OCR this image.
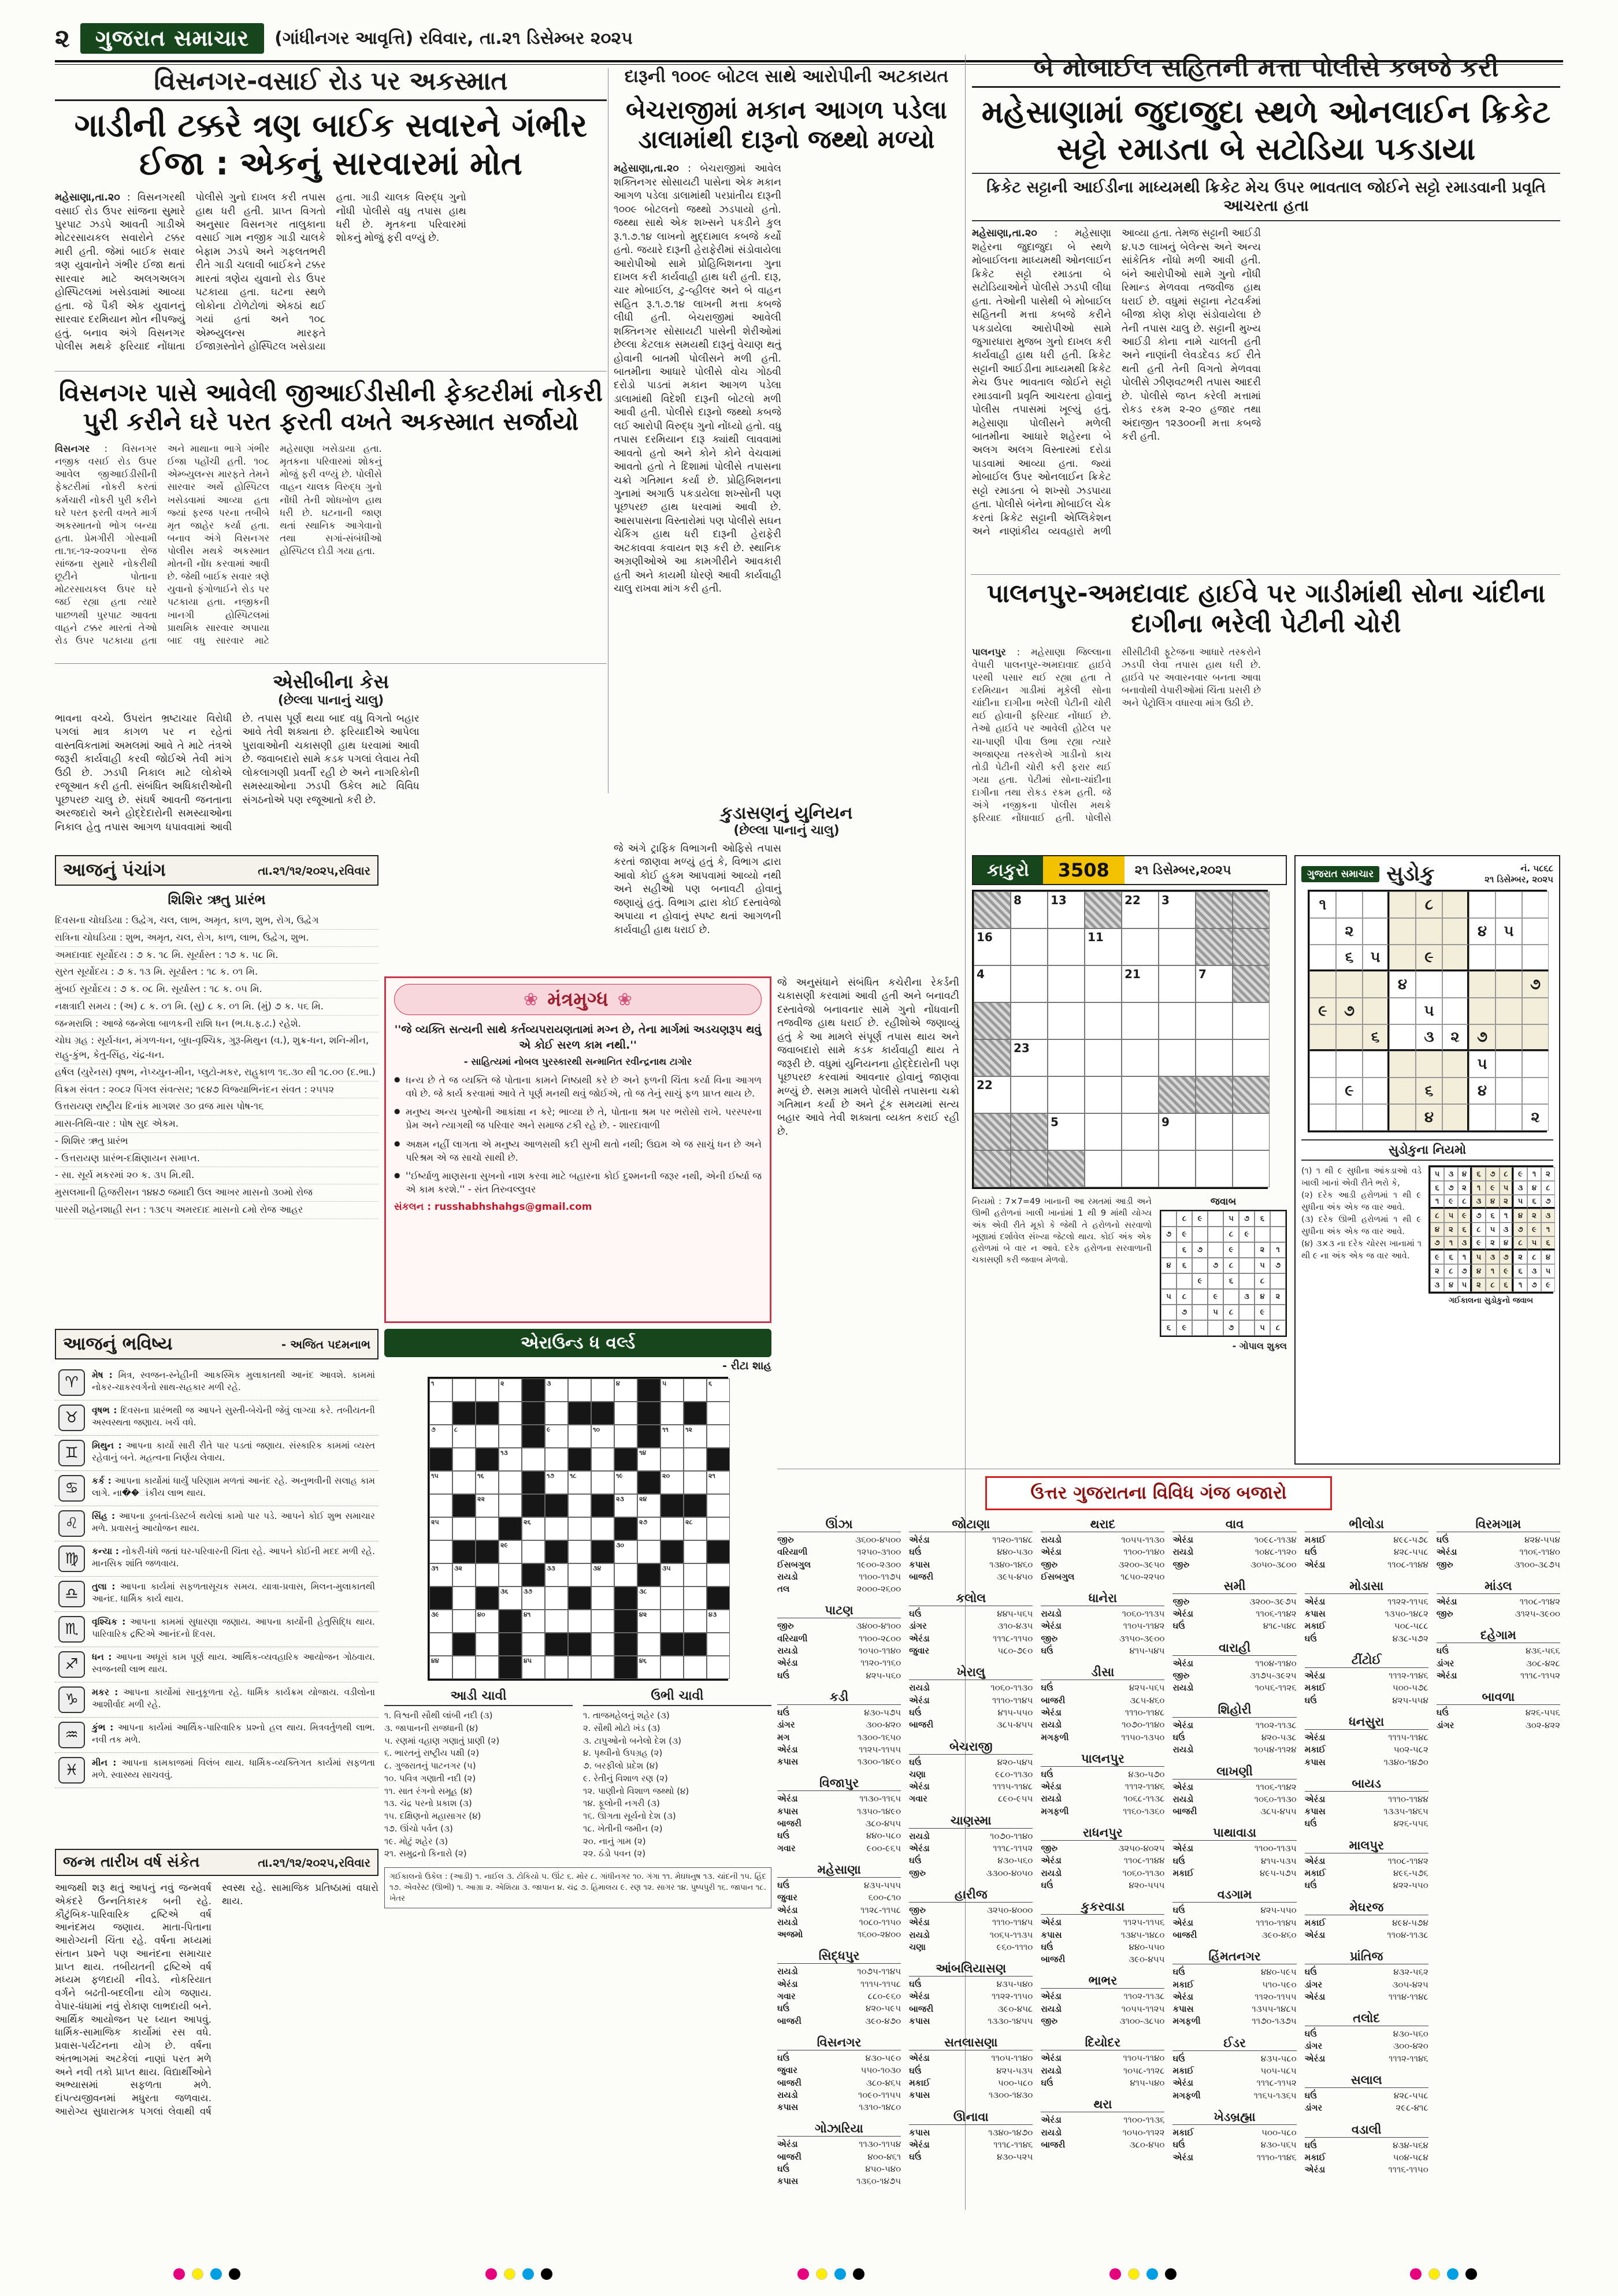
૨	ગુજરાત સમાચાર	(ગાંધીનગર આવૃત્તિ) રવિવાર, તા.૨૧ ડિસેમ્બર ૨૦૨૫
વિસનગર-વસાઈ રોડ પર અકસ્માત
ગાડીની ટક્કરે ત્રણ બાઈક સવારને ગંભીર ઈજા : એકનું સારવારમાં મોત

મહેસાણા,તા.૨૦ : વિસનગરથી વસાઈ રોડ ઉપર સાંજના સુમારે પુરપાટ ઝડપે આવતી ગાડીએ મોટરસાયકલ સવારોને ટક્કર મારી હતી. જેમાં બાઈક સવાર ત્રણ યુવાનોને ગંભીર ઈજા થતાં સારવાર માટે અલગઅલગ હોસ્પિટલમાં ખસેડવામાં આવ્યા હતા. જે પૈકી એક યુવાનનું સારવાર દરમિયાન મોત નીપજ્યું હતું. બનાવ અંગે વિસનગર પોલીસ મથકે ફરિયાદ નોંધાતા પોલીસે ગુનો દાખલ કરી તપાસ હાથ ધરી હતી. પ્રાપ્ત વિગતો અનુસાર વિસનગર તાલુકાના વસાઈ ગામ નજીક ગાડી ચાલકે બેફામ ઝડપે અને ગફલતભરી રીતે ગાડી ચલાવી બાઈકને ટક્કર મારતાં ત્રણેય યુવાનો રોડ ઉપર પટકાયા હતા. ઘટના સ્થળે લોકોના ટોળેટોળાં એકઠાં થઈ ગયાં હતાં અને ૧૦૮ એમ્બ્યુલન્સ મારફતે ઈજાગ્રસ્તોને હોસ્પિટલ ખસેડાયા હતા. ગાડી ચાલક વિરુદ્ધ ગુનો નોંધી પોલીસે વધુ તપાસ હાથ ધરી છે. મૃતકના પરિવારમાં શોકનું મોજું ફરી વળ્યું છે.

દારૂની ૧૦૦૯ બોટલ સાથે આરોપીની અટકાયત
બેચરાજીમાં મકાન આગળ પડેલા ડાલામાંથી દારૂનો જથ્થો મળ્યો

મહેસાણા,તા.૨૦ : બેચરાજીમાં આવેલ શક્તિનગર સોસાયટી પાસેના એક મકાન આગળ પડેલા ડાલામાંથી પરપ્રાંતીય દારૂની ૧૦૦૯ બોટલનો જથ્થો ઝડપાયો હતો. જથ્થા સાથે એક શખ્સને પકડીને કુલ રૂ.૧.૭.૧૪ લાખનો મુદ્દામાલ કબજે કર્યો હતો. જયારે દારૂની હેરાફેરીમાં સંડોવાયેલા આરોપીઓ સામે પ્રોહિબિશનના ગુના દાખલ કરી કાર્યવાહી હાથ ધરી હતી. દારૂ, ચાર મોબાઈલ, ટુ-વ્હીલર અને બે વાહન સહિત રૂ.૧.૭.૧૪ લાખની મત્તા કબજે લીધી હતી. બેચરાજીમાં આવેલી શક્તિનગર સોસાયટી પાસેની શેરીઓમાં છેલ્લા કેટલાક સમયથી દારૂનું વેચાણ થતું હોવાની બાતમી પોલીસને મળી હતી. બાતમીના આધારે પોલીસે વોચ ગોઠવી દરોડો પાડતાં મકાન આગળ પડેલા ડાલામાંથી વિદેશી દારૂની બોટલો મળી આવી હતી. પોલીસે દારૂનો જથ્થો કબજે લઈ આરોપી વિરુદ્ધ ગુનો નોંધ્યો હતો. વધુ તપાસ દરમિયાન દારૂ ક્યાંથી લાવવામાં આવતો હતો અને કોને કોને વેચવામાં આવતો હતો તે દિશામાં પોલીસે તપાસના ચક્રો ગતિમાન કર્યા છે. પ્રોહિબિશનના ગુનામાં અગાઉ પકડાયેલા શખ્સોની પણ પૂછપરછ હાથ ધરવામાં આવી છે. આસપાસના વિસ્તારોમાં પણ પોલીસે સઘન ચેકિંગ હાથ ધરી દારૂની હેરાફેરી અટકાવવા કવાયત શરૂ કરી છે. સ્થાનિક અગ્રણીઓએ આ કામગીરીને આવકારી હતી અને કાયમી ધોરણે આવી કાર્યવાહી ચાલુ રાખવા માંગ કરી હતી.

બે મોબાઈલ સહિતની મત્તા પોલીસે કબજે કરી
મહેસાણામાં જુદાજુદા સ્થળે ઓનલાઈન ક્રિકેટ સટ્ટો રમાડતા બે સટોડિયા પકડાયા
ક્રિકેટ સટ્ટાની આઈડીના માધ્યમથી ક્રિકેટ મેચ ઉપર ભાવતાલ જોઈને સટ્ટો રમાડવાની પ્રવૃતિ આચરતા હતા

મહેસાણા,તા.૨૦ : મહેસાણા શહેરના જુદાજુદા બે સ્થળે મોબાઈલના માધ્યમથી ઓનલાઈન ક્રિકેટ સટ્ટો રમાડતા બે સટોડિયાઓને પોલીસે ઝડપી લીધા હતા. તેઓની પાસેથી બે મોબાઈલ સહિતની મત્તા કબજે કરીને પકડાયેલા આરોપીઓ સામે જુગારધારા મુજબ ગુનો દાખલ કરી કાર્યવાહી હાથ ધરી હતી. ક્રિકેટ સટ્ટાની આઈડીના માધ્યમથી ક્રિકેટ મેચ ઉપર ભાવતાલ જોઈને સટ્ટો રમાડવાની પ્રવૃતિ આચરતા હોવાનું પોલીસ તપાસમાં ખૂલ્યું હતું. મહેસાણા પોલીસને મળેલી બાતમીના આધારે શહેરના બે અલગ અલગ વિસ્તારમાં દરોડા પાડવામાં આવ્યા હતા. જ્યાં મોબાઈલ ઉપર ઓનલાઈન ક્રિકેટ સટ્ટો રમાડતા બે શખ્સો ઝડપાયા હતા. પોલીસે બંનેના મોબાઈલ ચેક કરતાં ક્રિકેટ સટ્ટાની એપ્લિકેશન અને નાણાંકીય વ્યવહારો મળી આવ્યા હતા. તેમજ સટ્ટાની આઈડી ૪.૫૭ લાખનું બેલેન્સ અને અન્ય સાંકેતિક નોંધો મળી આવી હતી. બંને આરોપીઓ સામે ગુનો નોંધી રિમાન્ડ મેળવવા તજવીજ હાથ ધરાઈ છે. વધુમાં સટ્ટાના નેટવર્કમાં બીજા કોણ કોણ સંડોવાયેલા છે તેની તપાસ ચાલુ છે. સટ્ટાની મુખ્ય આઈડી કોના નામે ચાલતી હતી અને નાણાંની લેવડદેવડ કઈ રીતે થતી હતી તેની વિગતો મેળવવા પોલીસે ઝીણવટભરી તપાસ આદરી છે. પોલીસે જપ્ત કરેલી મત્તામાં રોકડ રકમ ૨-૨૦ હજાર તથા અંદાજીત ૧૨૩૦૦ની મત્તા કબજે કરી હતી.

વિસનગર પાસે આવેલી જીઆઈડીસીની ફેક્ટરીમાં નોકરી પુરી કરીને ઘરે પરત ફરતી વખતે અકસ્માત સર્જાયો

વિસનગર : વિસનગર નજીક વસઈ રોડ ઉપર આવેલ જીઆઈડીસીની ફેક્ટરીમાં નોકરી કરતાં કર્મચારી નોકરી પુરી કરીને ઘરે પરત ફરતી વખતે માર્ગ અકસ્માતનો ભોગ બન્યા હતા. પ્રેમગીરી ગોસ્વામી તા.૧૬-૧૨-૨૦૨૫ના રોજ સાંજના સુમારે નોકરીથી છૂટીને પોતાના મોટરસાયકલ ઉપર ઘરે જઈ રહ્યા હતા ત્યારે પાછળથી પુરપાટ આવતા વાહને ટક્કર મારતાં તેઓ રોડ ઉપર પટકાયા હતા અને માથાના ભાગે ગંભીર ઈજા પહોંચી હતી. ૧૦૮ એમ્બ્યુલન્સ મારફતે તેમને સારવાર અર્થે હોસ્પિટલ ખસેડવામાં આવ્યા હતા જ્યાં ફરજ પરના તબીબે મૃત જાહેર કર્યા હતા. બનાવ અંગે વિસનગર પોલીસ મથકે અકસ્માત મોતની નોંધ કરવામાં આવી છે. જેથી બાઈક સવાર ત્રણે યુવાનો ફંગોળાઈને રોડ પર પટકાયા હતા. નજીકની ખાનગી હોસ્પિટલમાં પ્રાથમિક સારવાર અપાયા બાદ વધુ સારવાર માટે મહેસાણા ખસેડાયા હતા. મૃતકના પરિવારમાં શોકનું મોજું ફરી વળ્યું છે. પોલીસે વાહન ચાલક વિરુદ્ધ ગુનો નોંધી તેની શોધખોળ હાથ ધરી છે. ઘટનાની જાણ થતાં સ્થાનિક આગેવાનો તથા સગાં-સંબંધીઓ હોસ્પિટલ દોડી ગયા હતા.

એસીબીના કેસ
(છેલ્લા પાનાનું ચાલુ)

ભાવના વચ્ચે. ઉપરાંત ભ્રષ્ટાચાર વિરોધી પગલાં માત્ર કાગળ પર ન રહેતાં વાસ્તવિકતામાં અમલમાં આવે તે માટે તંત્રએ જરૂરી કાર્યવાહી કરવી જોઈએ તેવી માંગ ઉઠી છે. ઝડપી નિકાલ માટે લોકોએ રજૂઆત કરી હતી. સંબંધિત અધિકારીઓની પૂછપરછ ચાલુ છે. સંઘર્ષ આવતી જનતાના અરજદારો અને હોદ્દેદારોની સમસ્યાઓના નિકાલ હેતુ તપાસ આગળ ધપાવવામાં આવી છે. તપાસ પૂર્ણ થયા બાદ વધુ વિગતો બહાર આવે તેવી શક્યતા છે. ફરિયાદીએ આપેલા પુરાવાઓની ચકાસણી હાથ ધરવામાં આવી છે. જવાબદારો સામે કડક પગલાં લેવાય તેવી લોકલાગણી પ્રવર્તી રહી છે અને નાગરિકોની સમસ્યાઓના ઝડપી ઉકેલ માટે વિવિધ સંગઠનોએ પણ રજૂઆતો કરી છે.

આજનું પંચાંગ	તા.૨૧/૧૨/૨૦૨૫,રવિવાર
શિશિર ઋતુ પ્રારંભ
દિવસના ચોઘડિયા : ઉદ્વેગ, ચલ, લાભ, અમૃત, કાળ, શુભ, રોગ, ઉદ્વેગ
રાત્રિના ચોઘડિયા : શુભ, અમૃત, ચલ, રોગ, કાળ, લાભ, ઉદ્વેગ, શુભ.
અમદાવાદ સૂર્યોદય : ૭ ક. ૧૮ મિ. સૂર્યાસ્ત : ૧૭ ક. ૫૮ મિ.
સુરત સૂર્યોદય : ૭ ક. ૧૩ મિ. સૂર્યાસ્ત : ૧૮ ક. ૦૧ મિ.
મુંબઈ સૂર્યોદય : ૭ ક. ૦૮ મિ. સૂર્યાસ્ત : ૧૮ ક. ૦૫ મિ.
નક્ષત્રાદી સમય : (અ) ૮ ક. ૦૧ મિ. (સુ) ૮ ક. ૦૧ મિ. (મું) ૭ ક. ૫૬ મિ.
જન્મરાશિ : આજે જન્મેલા બાળકની રાશિ ધન (ભ.ધ.ફ.ઢ.) રહેશે.
ચોઘ ગ્રહ : સૂર્ય-ધન, મંગળ-ધન, બુધ-વૃશ્ચિક, ગુરૂ-મિથુન (વ.), શુક્ર-ધન, શનિ-મીન, રાહુ-કુંભ, કેતુ-સિંહ, ચંદ્ર-ધન.
હર્ષલ (યુરેનસ) વૃષભ, નેપ્ચ્યુન-મીન, પ્લુટો-મકર, રાહુકાળ ૧૬.૩૦ થી ૧૮.૦૦ (દ.ભા.)
વિક્રમ સંવત : ૨૦૮૨ પિંગલ સંવત્સર; ૧૯૪૭ વિજ્યાભિનંદન સંવત : ૨૫૫૨
ઉત્તરાયણ રાષ્ટ્રીય દિનાંક માગશર ૩૦ વ્રજ માસ પોષ-૧૬
માસ-તિથિ-વાર : પોષ સુદ એકમ.
- શિશિર ઋતુ પ્રારંભ
- ઉત્તરાયણ પ્રારંભ-દક્ષિણાયન સમાપ્ત.
- સા. સૂર્ય મકરમાં ૨૦ ક. ૩૫ મિ.થી.
મુસલમાની હિજરીસન ૧૪૪૭ જમાદી ઉલ આખર માસનો ૩૦મો રોજ
પારસી શહેનશાહી સન : ૧૩૯૫ અમરદાદ માસનો ૮મો રોજ આહર
કુડાસણનું યુનિયન
(છેલ્લા પાનાનું ચાલુ)

જે અંગે ટ્રાફિક વિભાગની ઓફિસે તપાસ કરતાં જાણવા મળ્યું હતું કે, વિભાગ દ્વારા આવો કોઈ હુકમ આપવામાં આવ્યો નથી અને સહીઓ પણ બનાવટી હોવાનું જણાયું હતું. વિભાગ દ્વારા કોઈ દસ્તાવેજો અપાયા ન હોવાનું સ્પષ્ટ થતાં આગળની કાર્યવાહી હાથ ધરાઈ છે.

❀ મંત્રમુગ્ધ ❀
''જે વ્યક્તિ સત્યની સાથે કર્તવ્યપરાયણતામાં મગ્ન છે, તેના માર્ગમાં અડચણરૂપ થવું એ કોઈ સરળ કામ નથી.''
- સાહિત્યમાં નોબલ પુરસ્કારથી સન્માનિત રવીન્દ્રનાથ ટાગોર
● ધન્ય છે તે જ વ્યક્તિ જે પોતાના કામને નિષ્ઠાથી કરે છે અને ફળની ચિંતા કર્યા વિના આગળ વધે છે. જે કાર્ય કરવામાં આવે તે પૂર્ણ મનથી થવું જોઈએ, તો જ તેનું સાચું ફળ પ્રાપ્ત થાય છે.
● મનુષ્ય અન્ય પુરુષોની આકાંક્ષા ન કરે; ભાવ્યા છે તે, પોતાના શ્રમ પર ભરોસો રાખે. પરસ્પરના પ્રેમ અને ત્યાગથી જ પરિવાર અને સમાજ ટકી રહે છે. - શારદાવાળી
● અક્ષમ નહીં લાગતા એ મનુષ્ય આળસથી કદી સુખી થતો નથી; ઉદ્યમ એ જ સાચું ધન છે અને પરિશ્રમ એ જ સાચો સાથી છે.
● ''ઈર્ષ્યાળુ માણસના સુખનો નાશ કરવા માટે બહારના કોઈ દુશ્મનની જરૂર નથી, એની ઈર્ષ્યા જ એ કામ કરશે.'' - સંત તિરુવલ્લુવર
સંકલન : russhabhshahgs@gmail.com

જે અનુસંધાને સંબંધિત કચેરીના રેકર્ડની ચકાસણી કરવામાં આવી હતી અને બનાવટી દસ્તાવેજો બનાવનાર સામે ગુનો નોંધવાની તજવીજ હાથ ધરાઈ છે. રહીશોએ જણાવ્યું હતું કે આ મામલે સંપૂર્ણ તપાસ થાય અને જવાબદારો સામે કડક કાર્યવાહી થાય તે જરૂરી છે. વધુમાં યુનિયનના હોદ્દેદારોની પણ પૂછપરછ કરવામાં આવનાર હોવાનું જાણવા મળ્યું છે. સમગ્ર મામલે પોલીસે તપાસના ચક્રો ગતિમાન કર્યા છે અને ટૂંક સમયમાં સત્ય બહાર આવે તેવી શક્યતા વ્યક્ત કરાઈ રહી છે.

આજનું ભવિષ્ય	- અજિત પદમનાભ
♈	મેષ : મિત્ર, સ્વજન-સ્નેહીની આકસ્મિક મુલાકાતથી આનંદ આવશે. કામમાં નોકર-ચાકરવર્ગનો સાથ-સહકાર મળી રહે.
♉	વૃષભ : દિવસના પ્રારંભથી જ આપને સુસ્તી-બેચેની જેવું લાગ્યા કરે. તબીયતની અસ્વસ્થતા જણાય. ખર્ચ વધે.
♊	મિથુન : આપના કાર્યો સારી રીતે પાર પડતાં જણાય. સંસ્કારિક કામમાં વ્યસ્ત રહેવાનું બને. મહત્વના નિર્ણય લેવાય.
♋	કર્ક : આપના કાર્યોમાં ધાર્યું પરિણામ મળતાં આનંદ રહે. અનુભવીની સલાહ કામ લાગે. ના��ાંકીય લાભ થાય.
♌	સિંહ : આપના ડૂબતાં-ડિસ્ટર્બ થયેલાં કામો પાર પડે. આપને કોઈ શુભ સમાચાર મળે. પ્રવાસનું આયોજન થાય.
♍	કન્યા : નોકરી-ધંધે જતાં ઘર-પરિવારની ચિંતા રહે. આપને કોઈની મદદ મળી રહે. માનસિક શાંતિ જળવાય.
♎	તુલા : આપના કાર્યમાં સફળતાસૂચક સમય. યાત્રા-પ્રવાસ, મિલન-મુલાકાતથી આનંદ. ધાર્મિક કાર્ય થાય.
♏	વૃશ્ચિક : આપના કામમાં સુધારણા જણાય. આપના કાર્યોની હેતુસિદ્ધિ થાય. પારિવારિક દ્રષ્ટિએ આનંદનો દિવસ.
♐	ધન : આપના અધૂરાં કામ પૂર્ણ થાય. આર્થિક-વ્યવહારિક આયોજન ગોઠવાય. સ્વજનથી લાભ થાય.
♑	મકર : આપના કાર્યોમાં સાનુકૂળતા રહે. ધાર્મિક કાર્યક્રમ યોજાય. વડીલોના આશીર્વાદ મળી રહે.
♒	કુંભ : આપના કાર્યમાં આર્થિક-પારિવારિક પ્રશ્નો હલ થાય. મિત્રવર્તુળથી લાભ. નવી તક મળે.
♓	મીન : આપના કામકાજમાં વિલંબ થાય. ધાર્મિક-વ્યક્તિગત કાર્યમાં સફળતા મળે. સ્વાસ્થ્ય સાચવવું.
એરાઉન્ડ ધ વર્લ્ડ
- રીટા શાહ
૧	૨	૩	૪	૫	૬
૭	૮	૯	૧૦	૧૧	૧૨
૧૩	૧૪
૧૫	૧૬	૧૭ ૧૮	૧૯	૨૦	૨૧
૨૨	૨૩ ૨૪
૨૫	૨૬	૨૭	૨૮
૨૯	૩૦
૩૧ ૩૨	૩૩	૩૪	૩૫
૩૬ ૩૭	૩૮
૩૯	૪૦	૪૧	૪૨	૪૩
૪૪	૪૫	૪૬
આડી ચાવી
૧. વિશ્વની સૌથી લાંબી નદી (૩)
૩. જાપાનની રાજધાની (૪)
૫. રણમાં વહાણ ગણાતું પ્રાણી (૨)
૬. ભારતનું રાષ્ટ્રીય પક્ષી (૨)
૮. ગુજરાતનું પાટનગર (૫)
૧૦. પવિત્ર ગણાતી નદી (૨)
૧૧. સાત રંગનો સમૂહ (૪)
૧૩. ચંદ્ર પરનો પ્રકાશ (૩)
૧૫. દક્ષિણનો મહાસાગર (૪)
૧૭. ઊંચો પર્વત (૩)
૧૯. મોટું શહેર (૩)
૨૧. સમુદ્રનો કિનારો (૨)
ઉભી ચાવી
૧. તાજમહેલનું શહેર (૩)
૨. સૌથી મોટો ખંડ (૩)
૩. ટાપુઓનો બનેલો દેશ (૩)
૪. પૃથ્વીનો ઉપગ્રહ (૨)
૭. બરફીલો પ્રદેશ (૪)
૯. રેતીનું વિશાળ રણ (૨)
૧૨. પાણીનો વિશાળ જથ્થો (૪)
૧૪. ફૂલોની નગરી (૩)
૧૬. ઊગતા સૂર્યનો દેશ (૩)
૧૮. ખેતીની જમીન (૨)
૨૦. નાનું ગામ (૨)
૨૨. ઠંડો પવન (૨)
ગઈકાલનો ઉકેલ : (આડી) ૧. નાઈલ ૩. ટોકિયો ૫. ઊંટ ૬. મોર ૮. ગાંધીનગર ૧૦. ગંગા ૧૧. મેઘધનુષ ૧૩. ચાંદની ૧૫. હિંદ ૧૭. એવરેસ્ટ (ઊભી) ૧. આગ્રા ૨. એશિયા ૩. જાપાન ૪. ચંદ્ર ૭. હિમાલય ૯. રણ ૧૨. સાગર ૧૪. પુષ્પપુરી ૧૬. જાપાન ૧૮. ખેતર
પાલનપુર-અમદાવાદ હાઈવે પર ગાડીમાંથી સોના ચાંદીના દાગીના ભરેલી પેટીની ચોરી

પાલનપુર : મહેસાણા જિલ્લાના વેપારી પાલનપુર-અમદાવાદ હાઈવે પરથી પસાર થઈ રહ્યા હતા તે દરમિયાન ગાડીમાં મૂકેલી સોના ચાંદીના દાગીના ભરેલી પેટીની ચોરી થઈ હોવાની ફરિયાદ નોંધાઈ છે. તેઓ હાઈવે પર આવેલી હોટેલ પર ચા-પાણી પીવા ઉભા રહ્યા ત્યારે અજાણ્યા તસ્કરોએ ગાડીનો કાચ તોડી પેટીની ચોરી કરી ફરાર થઈ ગયા હતા. પેટીમાં સોના-ચાંદીના દાગીના તથા રોકડ રકમ હતી. જે અંગે નજીકના પોલીસ મથકે ફરિયાદ નોંધાવાઈ હતી. પોલીસે સીસીટીવી ફૂટેજના આધારે તસ્કરોને ઝડપી લેવા તપાસ હાથ ધરી છે. હાઈવે પર અવારનવાર બનતા આવા બનાવોથી વેપારીઓમાં ચિંતા પ્રસરી છે અને પેટ્રોલિંગ વધારવા માંગ ઉઠી છે.

કાકુરો	3508	૨૧ ડિસેમ્બર,૨૦૨૫
8	13	22 3
16	11
4	21	7
23
22
5	9
નિયમો : 7×7=49 ખાનાની આ રમતમાં આડી અને ઊભી હરોળનાં ખાલી ખાનાંમાં 1 થી 9 માંથી યોગ્ય અંક એવી રીતે મૂકો કે જેથી તે હરોળનો સરવાળો ખૂણામાં દર્શાવેલ સંખ્યા જેટલો થાય. કોઈ અંક એક હરોળમાં બે વાર ન આવે. દરેક હરોળના સરવાળાની ચકાસણી કરી જવાબ મેળવો.
જવાબ
૮	૯	૫	૭	૬
૭	૯	૮	૯
૬	૭	૯	૨	૧
૪	૬	૭	૮	૫	૭
૯	૬	૮
૫	૮	૯	૩	૪	૨
૭	૫	૮	૯
૬	૯	૭	૫	૮
- ગોપાલ શુક્લ
ગુજરાત સમાચાર સુડોકુ	નં. ૫૮૬૮
૨૧ ડિસેમ્બર, ૨૦૨૫
૧	૮
૨	૪	૫
૬	૫	૯
૪	૭
૯	૭	૫
૬	૩	૨	૭
૫
૯	૬	૪
૪	૨
સુડોકુના નિયમો

(૧) ૧ થી ૯ સુધીના આંકડાઓ વડે ખાલી ખાનાં એવી રીતે ભરો કે,

(૨) દરેક આડી હરોળમાં ૧ થી ૯ સુધીના અંક એક જ વાર આવે.

(૩) દરેક ઊભી હરોળમાં ૧ થી ૯ સુધીના અંક એક જ વાર આવે.

(૪) ૩×૩ ના દરેક ચોરસ ખાનામાં ૧ થી ૯ ના અંક એક જ વાર આવે.

૫	૩	૪	૬	૭	૮	૯	૧	૨
૬	૭	૨	૧	૯	૫	૩	૪	૮
૧	૯	૮	૩	૪	૨	૫	૬	૭
૮	૫	૯	૭	૬	૧	૪	૨	૩
૪	૨	૬	૮	૫	૩	૭	૯	૧
૭	૧	૩	૯	૨	૪	૮	૫	૬
૯	૬	૧	૫	૩	૭	૨	૮	૪
૨	૮	૭	૪	૧	૯	૬	૩	૫
૩	૪	૫	૨	૮	૬	૧	૭	૯
ગઈકાલના સુડોકુનો જવાબ
ઉત્તર ગુજરાતના વિવિધ ગંજ બજારો
ઊંઝા
જીરુ	૩૬૦૦-૪૫૦૦
વરિયાળી	૧૨૫૦-૩૧૦૦
ઈસબગુલ	૧૯૦૦-૨૩૦૦
રાયડો	૧૧૦૦-૧૧૭૫
તલ	૨૦૦૦-૨૬૦૦
પાટણ
જીરુ	૩૪૦૦-૪૧૦૦
વરિયાળી	૧૧૦૦-૨૮૦૦
રાયડો	૧૦૫૦-૧૧૪૦
એરંડા	૧૧૨૦-૧૧૬૦
ઘઉં	૪૨૫-૫૬૦
કડી
ઘઉં	૪૩૦-૫૭૫
ડાંગર	૩૦૦-૪૨૦
મગ	૧૩૦૦-૧૬૫૦
એરંડા	૧૧૨૫-૧૧૫૫
કપાસ	૧૩૦૦-૧૪૯૦
વિજાપુર
એરંડા	૧૧૩૦-૧૧૬૫
કપાસ	૧૩૫૦-૧૪૯૦
બાજરી	૩૮૦-૪૫૫
ઘઉં	૪૪૦-૫૮૦
ગવાર	૯૦૦-૯૬૫
મહેસાણા
ઘઉં	૪૩૫-૫૫૫
જુવાર	૬૦૦-૮૧૦
એરંડા	૧૧૨૮-૧૧૫૮
રાયડો	૧૦૮૦-૧૧૫૦
અજમો	૧૬૦૦-૨૪૦૦
સિદ્ધપુર
રાયડો	૧૦૭૫-૧૧૪૫
એરંડા	૧૧૧૫-૧૧૫૮
ગવાર	૮૮૦-૯૬૦
ઘઉં	૪૨૦-૫૯૫
બાજરી	૩૯૦-૪૭૦
વિસનગર
ઘઉં	૪૩૦-૫૯૦
જુવાર	૫૫૦-૧૦૩૦
બાજરી	૩૮૦-૪૬૫
રાયડો	૧૦૯૦-૧૧૫૫
કપાસ	૧૩૧૦-૧૪૮૦
ગોઝારિયા
એરંડા	૧૧૩૦-૧૧૫૪
બાજરી	૪૦૦-૪૬૧
ઘઉં	૪૫૦-૫૪૦
કપાસ	૧૩૬૦-૧૪૭૫
જોટાણા
એરંડા	૧૧૨૦-૧૧૪૮
ઘઉં	૪૪૦-૫૩૦
કપાસ	૧૩૪૦-૧૪૬૦
બાજરી	૩૯૫-૪૫૦
કલોલ
ઘઉં	૪૪૫-૫૬૫
ડાંગર	૩૧૦-૪૩૫
એરંડા	૧૧૧૮-૧૧૫૦
જુવાર	૫૮૦-૭૯૦
ખેરાલુ
રાયડો	૧૦૬૦-૧૧૩૦
એરંડા	૧૧૧૦-૧૧૪૫
ઘઉં	૪૧૫-૫૫૦
બાજરી	૩૮૫-૪૫૫
બેચરાજી
ઘઉં	૪૨૦-૫૪૫
ચણા	૯૮૦-૧૧૩૦
એરંડા	૧૧૧૫-૧૧૪૮
ગવાર	૮૯૦-૯૫૫
ચાણસ્મા
રાયડો	૧૦૭૦-૧૧૪૦
એરંડા	૧૧૧૮-૧૧૫૨
ઘઉં	૪૩૦-૫૬૦
જીરુ	૩૩૦૦-૪૦૫૦
હારીજ
જીરુ	૩૨૫૦-૪૦૦૦
એરંડા	૧૧૧૦-૧૧૪૫
રાયડો	૧૦૬૫-૧૧૩૫
ચણા	૯૬૦-૧૧૧૦
આંબલિયાસણ
ઘઉં	૪૩૫-૫૪૦
એરંડા	૧૧૨૨-૧૧૫૦
બાજરી	૩૯૦-૪૫૮
કપાસ	૧૩૩૦-૧૪૫૫
સતલાસણા
એરંડા	૧૧૦૫-૧૧૪૦
ઘઉં	૪૨૫-૫૩૫
મકાઈ	૫૦૦-૫૮૦
કપાસ	૧૩૦૦-૧૪૩૦
ઊનાવા
કપાસ	૧૩૪૦-૧૪૭૦
એરંડા	૧૧૧૮-૧૧૪૬
ઘઉં	૪૩૦-૫૨૫
થરાદ
રાયડો	૧૦૫૫-૧૧૩૦
એરંડા	૧૧૦૦-૧૧૪૦
જીરુ	૩૨૦૦-૩૯૫૦
ઈસબગુલ	૧૮૫૦-૨૨૫૦
ધાનેરા
રાયડો	૧૦૬૦-૧૧૩૫
એરંડા	૧૧૦૫-૧૧૪૨
જીરુ	૩૧૫૦-૩૯૦૦
ઘઉં	૪૧૫-૫૪૫
ડીસા
ઘઉં	૪૨૫-૫૬૫
બાજરી	૩૮૫-૪૬૦
એરંડા	૧૧૧૦-૧૧૪૮
રાયડો	૧૦૭૦-૧૧૪૦
મગફળી	૧૧૫૦-૧૩૫૦
પાલનપુર
ઘઉં	૪૩૦-૫૭૦
એરંડા	૧૧૧૨-૧૧૪૬
રાયડો	૧૦૬૮-૧૧૩૮
મગફળી	૧૧૬૦-૧૩૬૦
રાધનપુર
જીરુ	૩૨૫૦-૪૦૨૫
એરંડા	૧૧૦૮-૧૧૪૪
રાયડો	૧૦૬૦-૧૧૩૦
ઘઉં	૪૨૦-૫૫૫
કુકરવાડા
એરંડા	૧૧૨૫-૧૧૫૬
કપાસ	૧૩૪૫-૧૪૮૦
ઘઉં	૪૪૦-૫૫૦
બાજરી	૩૯૦-૪૫૫
ભાભર
એરંડા	૧૧૦૨-૧૧૩૮
રાયડો	૧૦૫૫-૧૧૨૫
જીરુ	૩૧૦૦-૩૮૫૦
દિયોદર
એરંડા	૧૧૦૫-૧૧૪૦
રાયડો	૧૦૫૮-૧૧૨૮
ઘઉં	૪૧૫-૫૪૦
થરા
એરંડા	૧૧૦૦-૧૧૩૬
રાયડો	૧૦૫૦-૧૧૨૨
બાજરી	૩૮૦-૪૫૦
વાવ
એરંડા	૧૦૯૮-૧૧૩૪
રાયડો	૧૦૪૮-૧૧૨૦
જીરુ	૩૦૫૦-૩૮૦૦
સમી
જીરુ	૩૨૦૦-૩૯૭૫
એરંડા	૧૧૦૬-૧૧૪૨
ઘઉં	૪૧૮-૫૪૮
વારાહી
એરંડા	૧૧૦૪-૧૧૪૦
જીરુ	૩૧૭૫-૩૯૨૫
રાયડો	૧૦૫૬-૧૧૨૬
શિહોરી
એરંડા	૧૧૦૨-૧૧૩૮
ઘઉં	૪૨૦-૫૩૮
રાયડો	૧૦૫૪-૧૧૨૪
લાખણી
એરંડા	૧૧૦૬-૧૧૪૨
રાયડો	૧૦૬૦-૧૧૩૦
બાજરી	૩૮૫-૪૫૫
પાથાવાડા
એરંડા	૧૧૦૦-૧૧૩૫
ઘઉં	૪૧૫-૫૩૫
મકાઈ	૪૯૫-૫૭૫
વડગામ
ઘઉં	૪૨૫-૫૫૦
એરંડા	૧૧૧૦-૧૧૪૫
બાજરી	૩૯૦-૪૬૦
હિંમતનગર
ઘઉં	૪૪૦-૫૯૫
મકાઈ	૫૧૦-૫૯૦
એરંડા	૧૧૨૦-૧૧૫૫
કપાસ	૧૩૫૫-૧૪૮૫
મગફળી	૧૧૭૦-૧૩૭૫
ઈડર
ઘઉં	૪૩૫-૫૮૦
મકાઈ	૫૦૫-૫૮૫
એરંડા	૧૧૧૮-૧૧૫૨
મગફળી	૧૧૬૫-૧૩૬૫
ખેડબ્રહ્મા
મકાઈ	૫૦૦-૫૮૦
ઘઉં	૪૩૦-૫૬૫
એરંડા	૧૧૧૦-૧૧૪૬
ભીલોડા
મકાઈ	૪૯૮-૫૭૮
ઘઉં	૪૨૮-૫૫૮
એરંડા	૧૧૦૮-૧૧૪૪
મોડાસા
એરંડા	૧૧૨૨-૧૧૫૬
કપાસ	૧૩૫૦-૧૪૮૨
મકાઈ	૫૦૮-૫૮૮
ઘઉં	૪૩૮-૫૭૨
ટીંટોઈ
એરંડા	૧૧૧૨-૧૧૪૬
મકાઈ	૫૦૦-૫૭૮
ઘઉં	૪૨૫-૫૫૪
ધનસુરા
એરંડા	૧૧૧૫-૧૧૪૮
મકાઈ	૫૦૨-૫૮૨
કપાસ	૧૩૪૦-૧૪૭૦
બાયડ
એરંડા	૧૧૧૦-૧૧૪૪
કપાસ	૧૩૩૫-૧૪૬૫
ઘઉં	૪૨૬-૫૫૬
માલપુર
એરંડા	૧૧૦૮-૧૧૪૨
મકાઈ	૪૯૬-૫૭૬
ઘઉં	૪૨૨-૫૫૦
મેઘરજ
મકાઈ	૪૯૪-૫૭૪
એરંડા	૧૧૦૪-૧૧૩૮
પ્રાંતિજ
ઘઉં	૪૩૨-૫૬૨
ડાંગર	૩૦૫-૪૨૫
એરંડા	૧૧૧૪-૧૧૪૮
તલોદ
ઘઉં	૪૩૦-૫૬૦
ડાંગર	૩૦૦-૪૨૦
એરંડા	૧૧૧૨-૧૧૪૬
સલાલ
ઘઉં	૪૨૮-૫૫૮
ડાંગર	૨૯૮-૪૧૮
વડાલી
ઘઉં	૪૩૪-૫૬૪
મકાઈ	૫૦૪-૫૮૪
એરંડા	૧૧૧૬-૧૧૫૦
વિરમગામ
ઘઉં	૪૨૪-૫૫૪
એરંડા	૧૧૦૬-૧૧૪૦
જીરુ	૩૧૦૦-૩૮૭૫
માંડલ
એરંડા	૧૧૦૮-૧૧૪૨
જીરુ	૩૧૨૫-૩૯૦૦
દહેગામ
ઘઉં	૪૩૬-૫૬૬
ડાંગર	૩૦૮-૪૨૮
એરંડા	૧૧૧૮-૧૧૫૨
બાવળા
ઘઉં	૪૨૬-૫૫૬
ડાંગર	૩૦૨-૪૨૨
જન્મ તારીખ વર્ષ સંકેત	તા.૨૧/૧૨/૨૦૨૫,રવિવાર

આજથી શરૂ થતું આપનું નવું જન્મવર્ષ એકંદરે ઉન્નતિકારક બની રહે. કૌટુંબિક-પારિવારિક દ્રષ્ટિએ વર્ષ આનંદમય જણાય. માતા-પિતાના આરોગ્યની ચિંતા રહે. વર્ષના મધ્યમાં સંતાન પ્રશ્ને પણ આનંદના સમાચાર પ્રાપ્ત થાય. તબીયતની દ્રષ્ટિએ વર્ષ મધ્યમ ફળદાયી નીવડે. નોકરિયાત વર્ગને બઢતી-બદલીના યોગ જણાય. વેપાર-ધંધામાં નવું રોકાણ લાભદાયી બને. આર્થિક આયોજન પર ધ્યાન આપવું. ધાર્મિક-સામાજિક કાર્યોમાં રસ વધે. પ્રવાસ-પર્યટનના યોગ છે. વર્ષના અંતભાગમાં અટકેલાં નાણાં પરત મળે અને નવી તકો પ્રાપ્ત થાય. વિદ્યાર્થીઓને અભ્યાસમાં સફળતા મળે. દાંપત્યજીવનમાં મધુરતા જળવાય. આરોગ્ય સુધારાત્મક પગલાં લેવાથી વર્ષ સ્વસ્થ રહે. સામાજિક પ્રતિષ્ઠામાં વધારો થાય.
